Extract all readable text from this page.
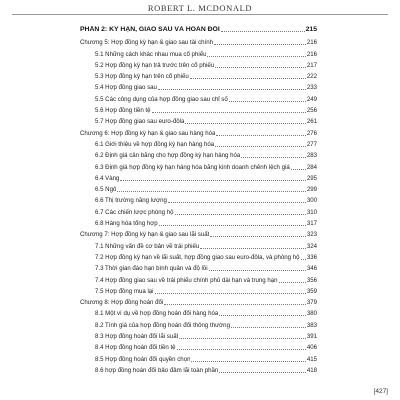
ROBERT L. MCDONALD
PHẦN 2: KỲ HẠN, GIAO SAU VÀ HOÁN ĐỔI	215
Chương 5: Hợp đồng kỳ hạn & giao sau tài chính	216
5.1 Những cách khác nhau mua cổ phiếu	216
5.2 Hợp đồng kỳ hạn trả trước trên cổ phiếu	217
5.3 Hợp đồng kỳ hạn trên cổ phiếu	222
5.4 Hợp đồng giao sau	233
5.5 Các công dụng của hợp đồng giao sau chỉ số	249
5.6 Hợp đồng tiền tệ	256
5.7 Hợp đồng giao sau euro-đôla	261
Chương 6: Hợp đồng kỳ hạn & giao sau hàng hóa	276
6.1 Giới thiệu về hợp đồng kỳ hạn hàng hóa	277
6.2 Định giá cân bằng cho hợp đồng kỳ hạn hàng hóa	283
6.3 Định giá hợp đồng kỳ hạn hàng hóa bằng kinh doanh chênh lệch giá	284
6.4 Vàng	295
6.5 Ngô	299
6.6 Thị trường năng lượng	300
6.7 Các chiến lược phòng hộ	310
6.8 Hàng hóa tổng hợp	317
Chương 7: Hợp đồng kỳ hạn & giao sau lãi suất	323
7.1 Những vấn đề cơ bản về trái phiếu	324
7.2 Hợp đồng kỳ hạn về lãi suất, hợp đồng giao sau euro-đôla, và phòng hộ 336
7.3 Thời gian đáo hạn bình quân và độ lồi	346
7.4 Hợp đồng giao sau về trái phiếu chính phủ dài hạn và trung hạn	356
7.5 Hợp đồng mua lại	359
Chương 8: Hợp đồng hoán đổi	379
8.1 Một ví dụ về hợp đồng hoán đổi hàng hóa	380
8.2 Tính giá của hợp đồng hoán đổi thông thường	383
8.3 Hợp đồng hoán đổi lãi suất	391
8.4 Hợp đồng hoán đổi tiền tệ	406
8.5 Hợp đồng hoán đổi quyền chọn	415
8.6 hợp đồng hoán đổi bảo đảm lãi toàn phần	418
[427]
